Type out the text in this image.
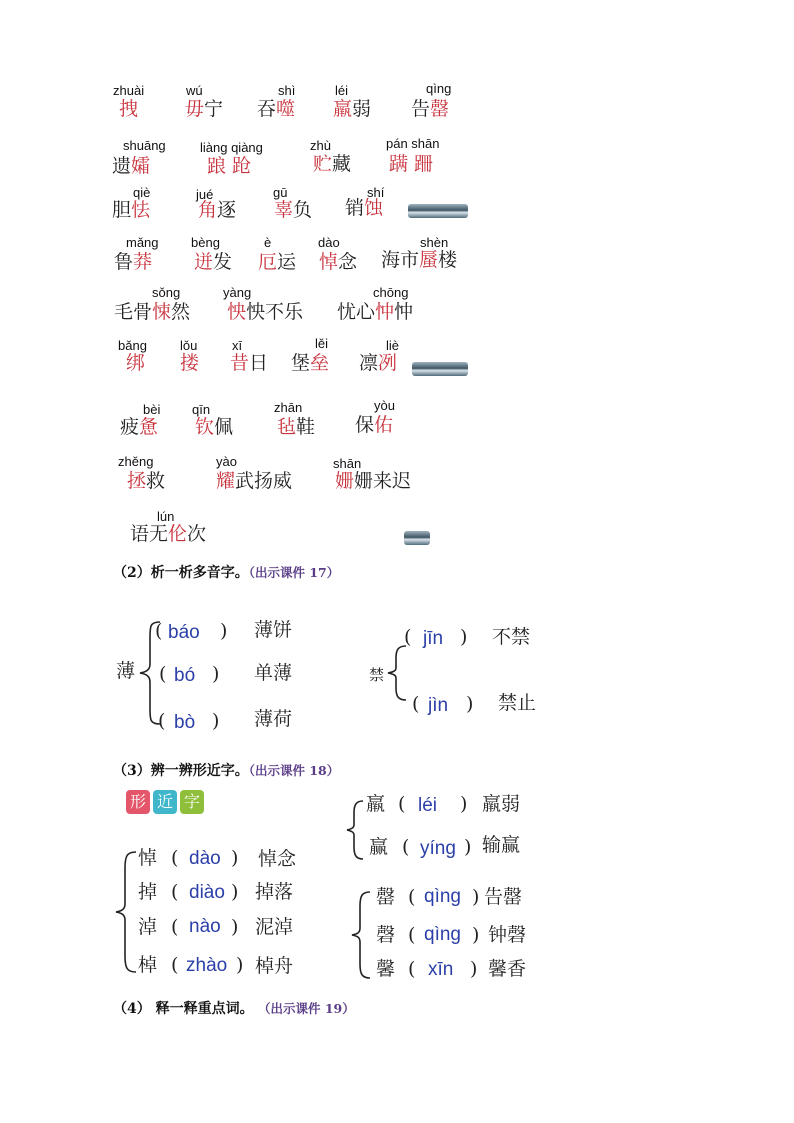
zhuài
拽
wú
毋宁
shì
吞噬
léi
羸弱
qìng
告罄
shuāng
遗孀
liàng qiàng
踉 跄
zhù
贮藏
pán shān
蹒 跚
qiè
胆怯
jué
角逐
gū
辜负
shí
销蚀
mǎng
鲁莽
bèng
迸发
è
厄运
dào
悼念
shèn
海市蜃楼
sǒng
毛骨悚然
yàng
怏怏不乐
chōng
忧心忡忡
bǎng
绑
lǒu
搂
xī
昔日
lěi
堡垒
liè
凛冽
bèi
疲惫
qīn
钦佩
zhān
毡鞋
yòu
保佑
zhěng
拯救
yào
耀武扬威
shān
姗姗来迟
lún
语无伦次
（2）析一析多音字。（出示课件 17）
薄
( báo ) 薄饼
( bó ) 单薄
( bò ) 薄荷
禁
( jīn ) 不禁
( jìn ) 禁止
（3）辨一辨形近字。（出示课件 18）
形 近 字	羸 ( léi ) 羸弱
赢 ( yíng ) 输赢
悼 ( dào ) 悼念
掉 ( diào ) 掉落
淖 ( nào ) 泥淖
棹 ( zhào ) 棹舟
罄 ( qìng ) 告罄
磬 ( qìng ) 钟磬
馨 ( xīn ) 馨香
（4） 释一释重点词。 （出示课件 19）
